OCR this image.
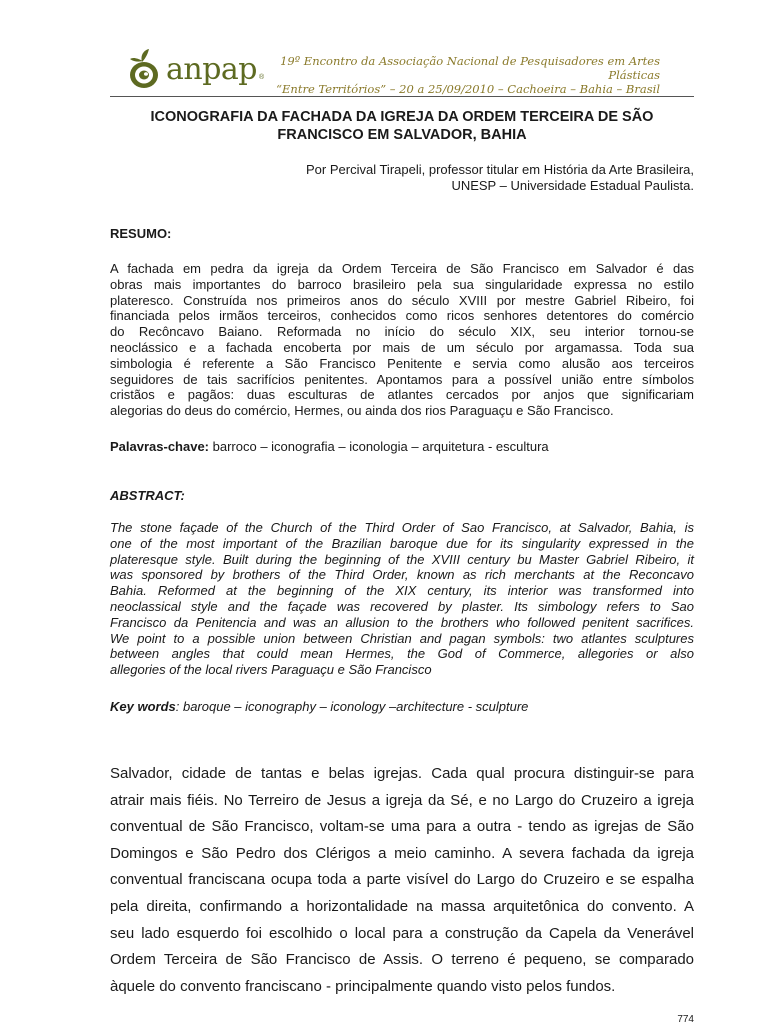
anpap ®
19º Encontro da Associação Nacional de Pesquisadores em Artes Plásticas
“Entre Territórios” – 20 a 25/09/2010 – Cachoeira – Bahia – Brasil
ICONOGRAFIA DA FACHADA DA IGREJA DA ORDEM TERCEIRA DE SÃO
FRANCISCO EM SALVADOR, BAHIA
Por Percival Tirapeli, professor titular em História da Arte Brasileira,
UNESP – Universidade Estadual Paulista.
RESUMO:
A fachada em pedra da igreja da Ordem Terceira de São Francisco em Salvador é das
obras mais importantes do barroco brasileiro pela sua singularidade expressa no estilo
plateresco. Construída nos primeiros anos do século XVIII por mestre Gabriel Ribeiro, foi
financiada pelos irmãos terceiros, conhecidos como ricos senhores detentores do comércio
do Recôncavo Baiano. Reformada no início do século XIX, seu interior tornou-se
neoclássico e a fachada encoberta por mais de um século por argamassa. Toda sua
simbologia é referente a São Francisco Penitente e servia como alusão aos terceiros
seguidores de tais sacrifícios penitentes. Apontamos para a possível união entre símbolos
cristãos e pagãos: duas esculturas de atlantes cercados por anjos que significariam
alegorias do deus do comércio, Hermes, ou ainda dos rios Paraguaçu e São Francisco.
Palavras-chave: barroco – iconografia – iconologia – arquitetura - escultura
ABSTRACT:
The stone façade of the Church of the Third Order of Sao Francisco, at Salvador, Bahia, is
one of the most important of the Brazilian baroque due for its singularity expressed in the
plateresque style. Built during the beginning of the XVIII century bu Master Gabriel Ribeiro, it
was sponsored by brothers of the Third Order, known as rich merchants at the Reconcavo
Bahia. Reformed at the beginning of the XIX century, its interior was transformed into
neoclassical style and the façade was recovered by plaster. Its simbology refers to Sao
Francisco da Penitencia and was an allusion to the brothers who followed penitent sacrifices.
We point to a possible union between Christian and pagan symbols: two atlantes sculptures
between angles that could mean Hermes, the God of Commerce, allegories or also
allegories of the local rivers Paraguaçu e São Francisco
Key words: baroque – iconography – iconology –architecture - sculpture
Salvador, cidade de tantas e belas igrejas. Cada qual procura distinguir-se para
atrair mais fiéis. No Terreiro de Jesus a igreja da Sé, e no Largo do Cruzeiro a igreja
conventual de São Francisco, voltam-se uma para a outra - tendo as igrejas de São
Domingos e São Pedro dos Clérigos a meio caminho. A severa fachada da igreja
conventual franciscana ocupa toda a parte visível do Largo do Cruzeiro e se espalha
pela direita, confirmando a horizontalidade na massa arquitetônica do convento. A
seu lado esquerdo foi escolhido o local para a construção da Capela da Venerável
Ordem Terceira de São Francisco de Assis. O terreno é pequeno, se comparado
àquele do convento franciscano - principalmente quando visto pelos fundos.
774
